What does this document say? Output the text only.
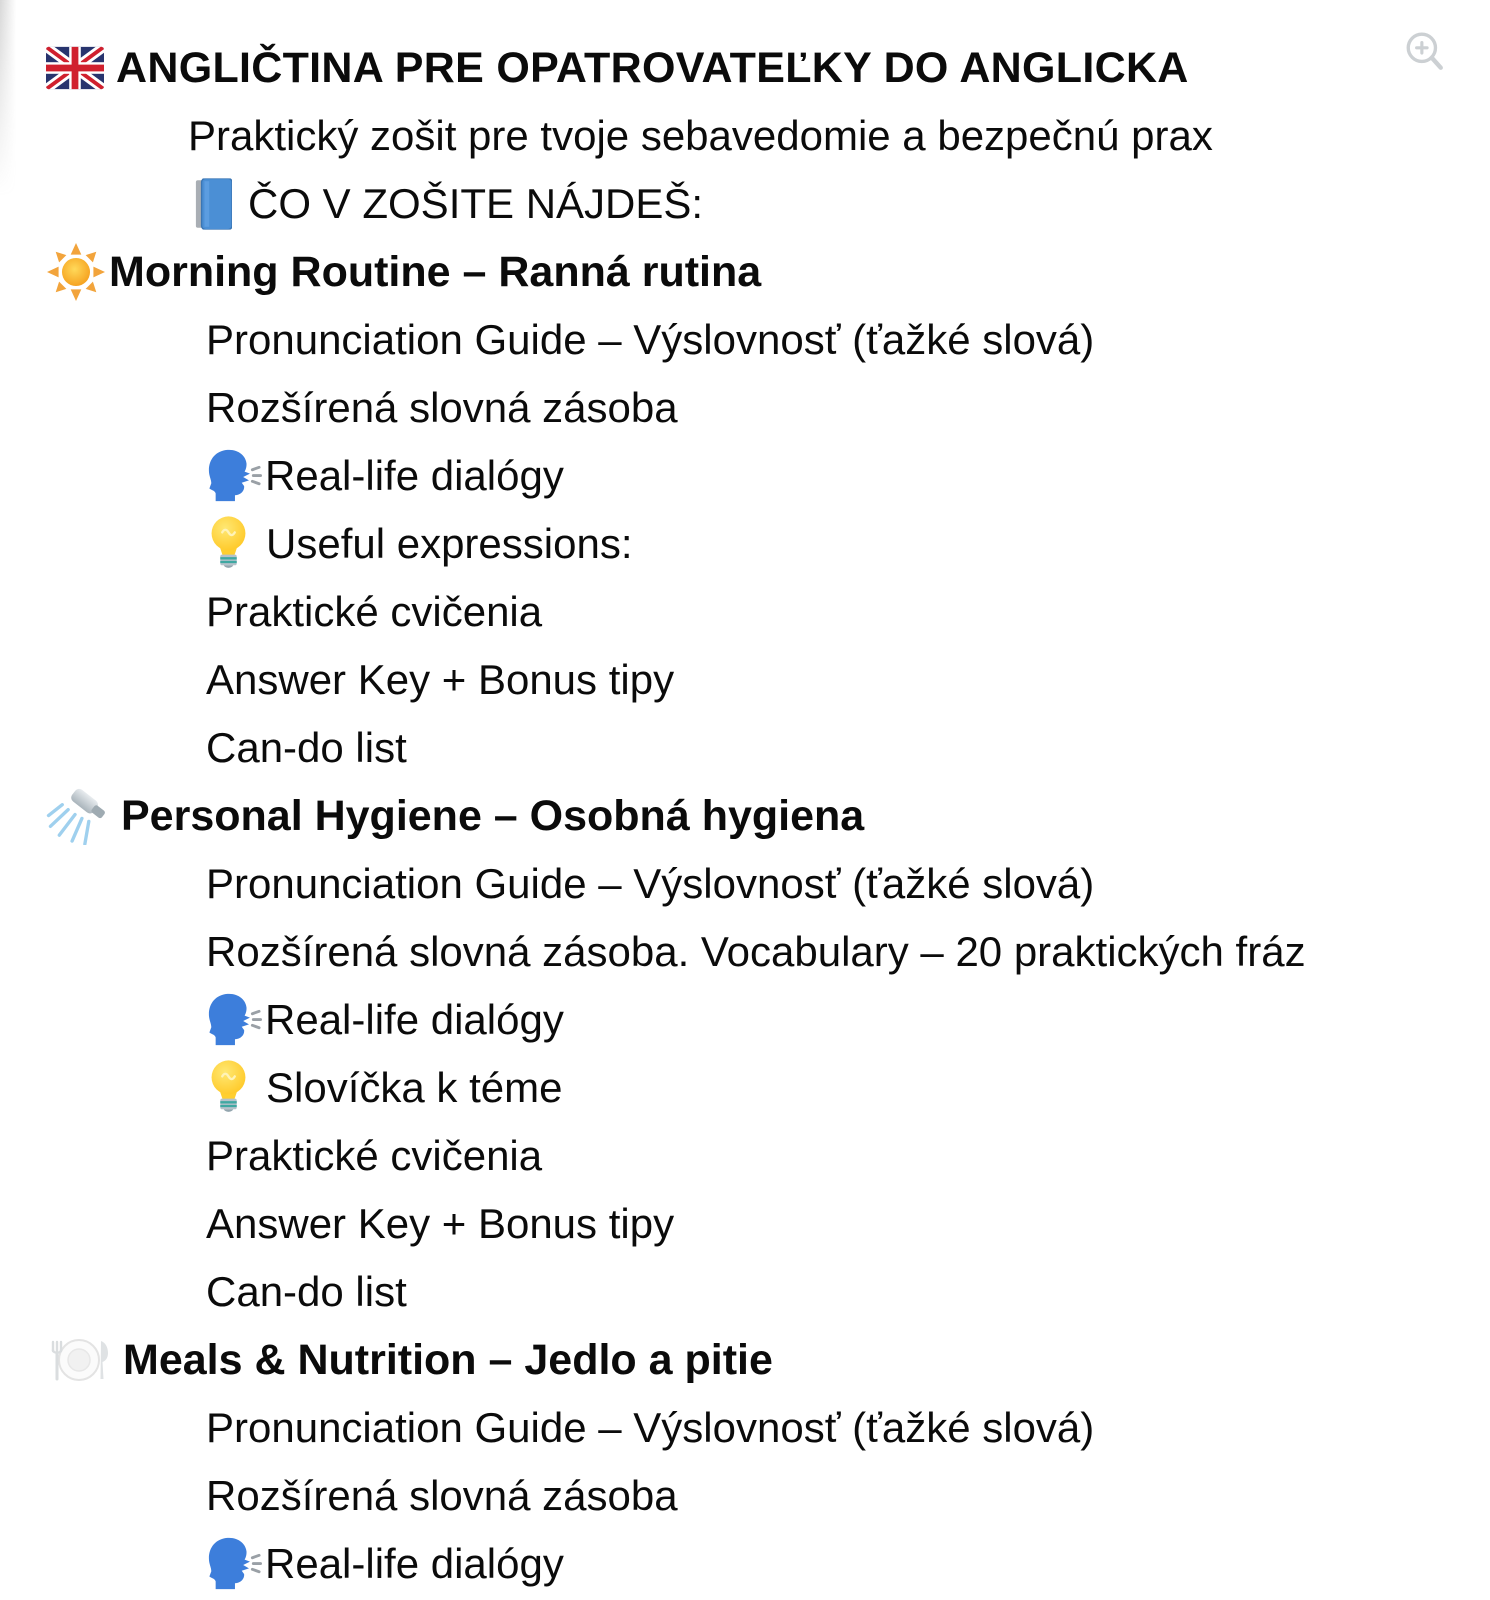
ANGLIČTINA PRE OPATROVATEĽKY DO ANGLICKA
Praktický zošit pre tvoje sebavedomie a bezpečnú prax
ČO V ZOŠITE NÁJDEŠ:
Morning Routine – Ranná rutina
Pronunciation Guide – Výslovnosť (ťažké slová)
Rozšírená slovná zásoba
Real-life dialógy
Useful expressions:
Praktické cvičenia
Answer Key + Bonus tipy
Can-do list
Personal Hygiene – Osobná hygiena
Pronunciation Guide – Výslovnosť (ťažké slová)
Rozšírená slovná zásoba. Vocabulary – 20 praktických fráz
Real-life dialógy
Slovíčka k téme
Praktické cvičenia
Answer Key + Bonus tipy
Can-do list
Meals & Nutrition – Jedlo a pitie
Pronunciation Guide – Výslovnosť (ťažké slová)
Rozšírená slovná zásoba
Real-life dialógy
